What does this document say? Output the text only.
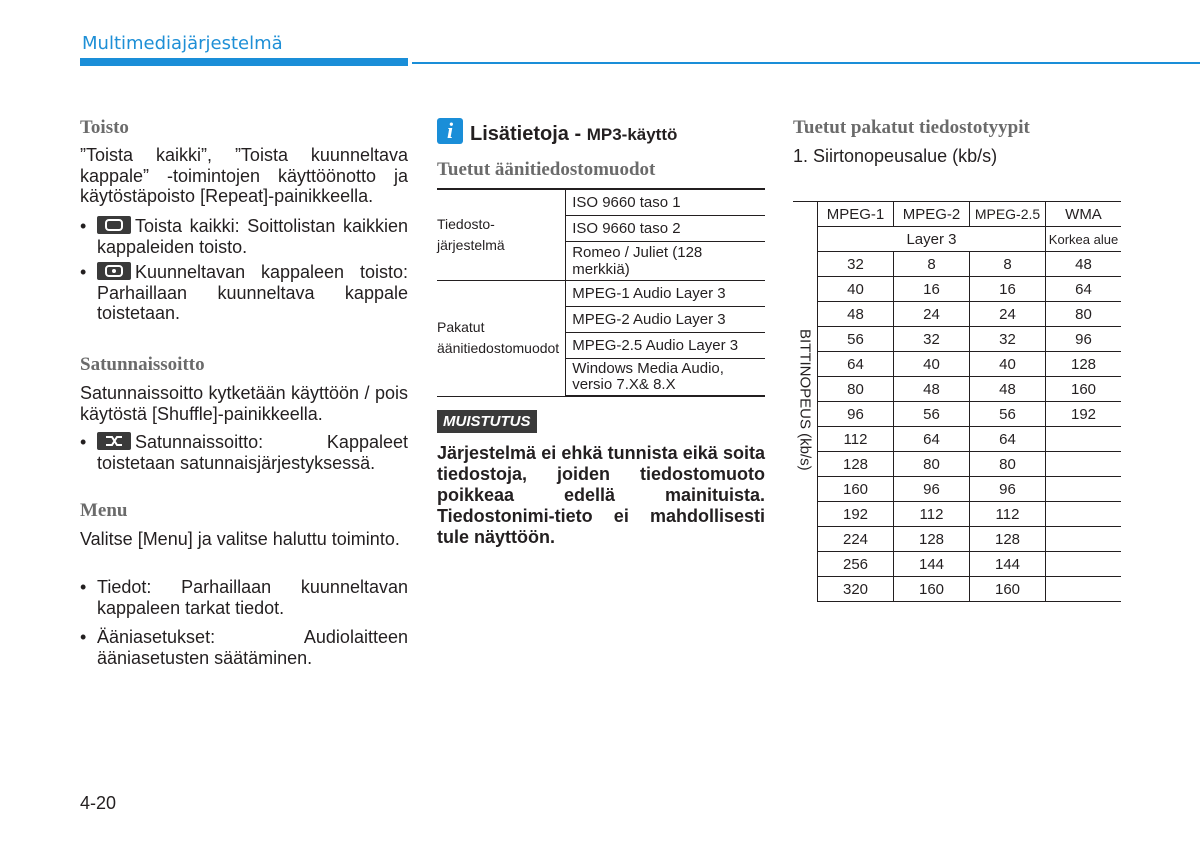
Multimediajärjestelmä
Toisto
”Toista kaikki”, ”Toista kuunneltava kappale” -toimintojen käyttöönotto ja käytöstäpoisto [Repeat]-painikkeella.
•	Toista kaikki: Soittolistan kaikkien kappaleiden toisto.
•	Kuunneltavan kappaleen toisto: Parhaillaan kuunneltava kappale toistetaan.
Satunnaissoitto
Satunnaissoitto kytketään käyttöön / pois käytöstä [Shuffle]-painikkeella.
•	Satunnaissoitto: Kappaleet toistetaan satunnaisjärjestyksessä.
Menu
Valitse [Menu] ja valitse haluttu toiminto.
• Tiedot: Parhaillaan kuunneltavan kappaleen tarkat tiedot.
• Ääniasetukset: Audiolaitteen ääniasetusten säätäminen.
i Lisätietoja - MP3-käyttö
Tuetut äänitiedostomuodot
Tiedosto-järjestelmä	ISO 9660 taso 1
	ISO 9660 taso 2
	Romeo / Juliet (128 merkkiä)
Pakatut äänitiedostomuodot	MPEG-1 Audio Layer 3
	MPEG-2 Audio Layer 3
	MPEG-2.5 Audio Layer 3
	Windows Media Audio, versio 7.X& 8.X
MUISTUTUS
Järjestelmä ei ehkä tunnista eikä soita tiedostoja, joiden tiedostomuoto poikkeaa edellä mainituista. Tiedostonimi-tieto ei mahdollisesti tule näyttöön.
Tuetut pakatut tiedostotyypit
1. Siirtonopeusalue (kb/s)
BITTINOPEUS (kb/s)	MPEG-1	MPEG-2	MPEG-2.5	WMA
	Layer 3			Korkea alue

	32	8	8	48
	40	16	16	64
	48	24	24	80
	56	32	32	96
	64	40	40	128
	80	48	48	160
	96	56	56	192
	112	64	64	
	128	80	80	
	160	96	96	
	192	112	112	
	224	128	128	
	256	144	144	
	320	160	160	
4-20
